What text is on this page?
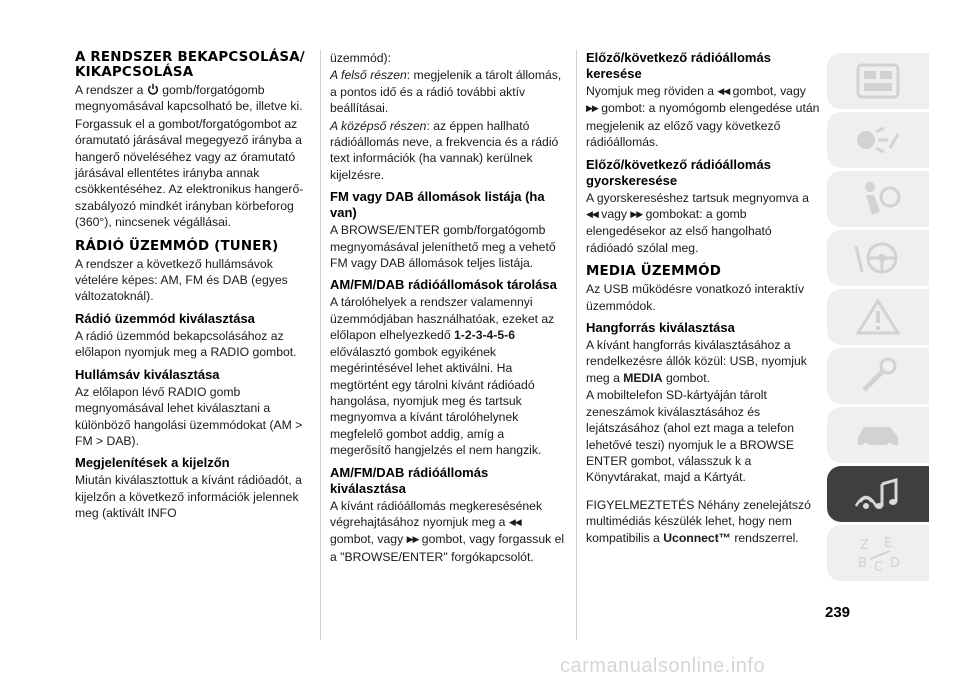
A RENDSZER BEKAPCSOLÁSA/ KIKAPCSOLÁSA

A rendszer a gomb/forgatógomb megnyomásával kapcsolható be, illetve ki.

Forgassuk el a gombot/forgatógombot az óramutató járásával megegyező irányba a hangerő növeléséhez vagy az óramutató járásával ellentétes irányba annak csökkentéséhez. Az elektronikus hangerő-szabályozó mindkét irányban körbeforog (360°), nincsenek végállásai.

RÁDIÓ ÜZEMMÓD (TUNER)

A rendszer a következő hullámsávok vételére képes: AM, FM és DAB (egyes változatoknál).

Rádió üzemmód kiválasztása

A rádió üzemmód bekapcsolásához az előlapon nyomjuk meg a RADIO gombot.

Hullámsáv kiválasztása

Az előlapon lévő RADIO gomb megnyomásával lehet kiválasztani a különböző hangolási üzemmódokat (AM > FM > DAB).

Megjelenítések a kijelzőn

Miután kiválasztottuk a kívánt rádióadót, a kijelzőn a következő információk jelennek meg (aktivált INFO

üzemmód):

A felső részen: megjelenik a tárolt állomás, a pontos idő és a rádió további aktív beállításai.

A középső részen: az éppen hallható rádióállomás neve, a frekvencia és a rádió text információk (ha vannak) kerülnek kijelzésre.

FM vagy DAB állomások listája (ha van)

A BROWSE/ENTER gomb/forgatógomb megnyomásával jeleníthető meg a vehető FM vagy DAB állomások teljes listája.

AM/FM/DAB rádióállomások tárolása

A tárolóhelyek a rendszer valamennyi üzemmódjában használhatóak, ezeket az előlapon elhelyezkedő 1-2-3-4-5-6 előválasztó gombok egyikének megérintésével lehet aktiválni. Ha megtörtént egy tárolni kívánt rádióadó hangolása, nyomjuk meg és tartsuk megnyomva a kívánt tárolóhelynek megfelelő gombot addig, amíg a megerősítő hangjelzés el nem hangzik.

AM/FM/DAB rádióállomás kiválasztása

A kívánt rádióállomás megkeresésének végrehajtásához nyomjuk meg a ◀◀ gombot, vagy ▶▶ gombot, vagy forgassuk el a "BROWSE/ENTER" forgókapcsolót.

Előző/következő rádióállomás keresése

Nyomjuk meg röviden a ◀◀ gombot, vagy ▶▶ gombot: a nyomógomb elengedése után megjelenik az előző vagy következő rádióállomás.

Előző/következő rádióállomás gyorskeresése

A gyorskereséshez tartsuk megnyomva a ◀◀ vagy ▶▶ gombokat: a gomb elengedésekor az első hangolható rádióadó szólal meg.

MEDIA ÜZEMMÓD

Az USB működésre vonatkozó interaktív üzemmódok.

Hangforrás kiválasztása

A kívánt hangforrás kiválasztásához a rendelkezésre állók közül: USB, nyomjuk meg a MEDIA gombot.

A mobiltelefon SD-kártyáján tárolt zeneszámok kiválasztásához és lejátszásához (ahol ezt maga a telefon lehetővé teszi) nyomjuk le a BROWSE ENTER gombot, válasszuk k a Könyvtárakat, majd a Kártyát.

FIGYELMEZTETÉS Néhány zenelejátszó multimédiás készülék lehet, hogy nem kompatibilis a Uconnect™ rendszerrel.

Z E
B C D
239
carmanualsonline.info
